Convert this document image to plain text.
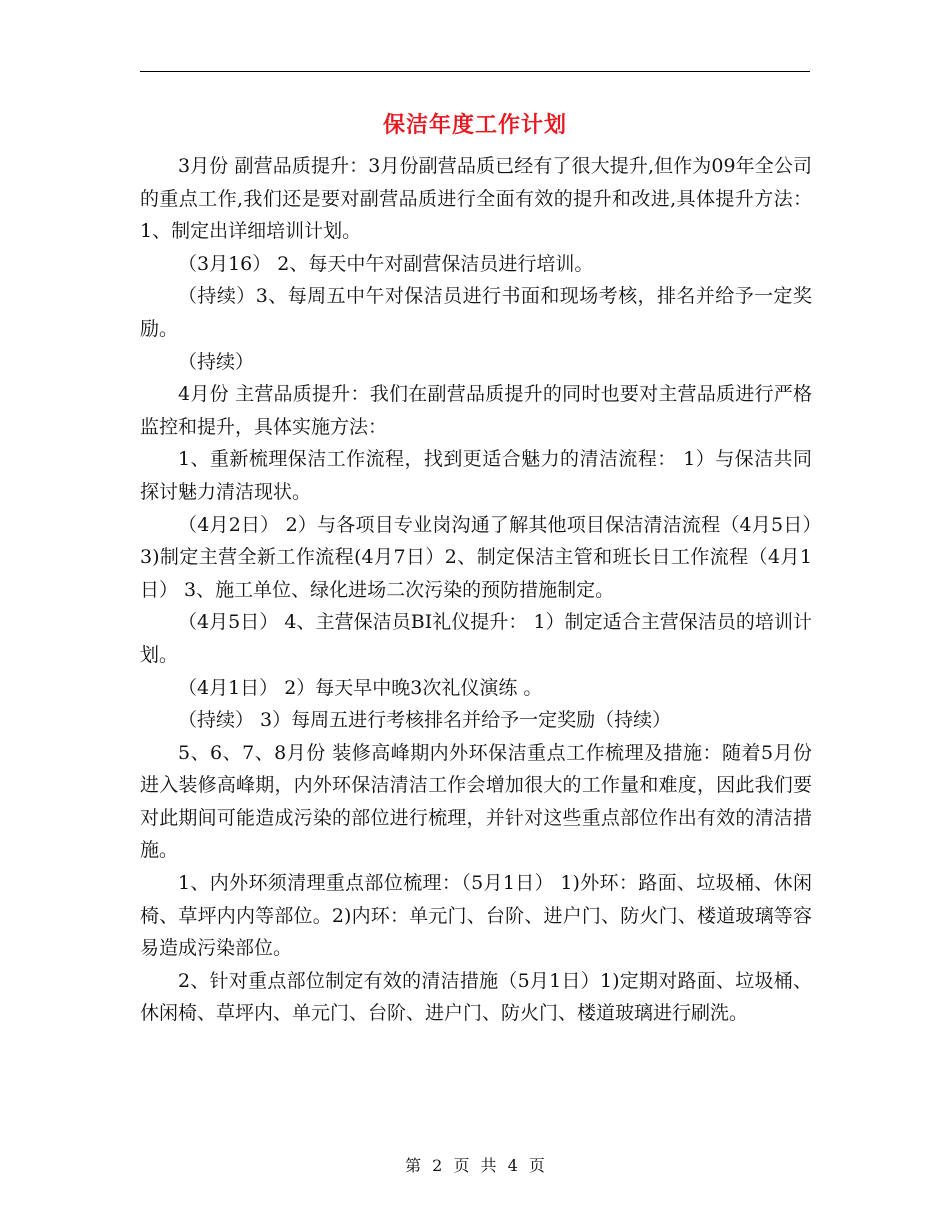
保洁年度工作计划

3月份 副营品质提升：3月份副营品质已经有了很大提升,但作为09年全公司的重点工作,我们还是要对副营品质进行全面有效的提升和改进,具体提升方法：1、制定出详细培训计划。

（3月16） 2、每天中午对副营保洁员进行培训。

（持续）3、每周五中午对保洁员进行书面和现场考核，排名并给予一定奖励。

（持续）

4月份 主营品质提升：我们在副营品质提升的同时也要对主营品质进行严格监控和提升，具体实施方法：

1、重新梳理保洁工作流程，找到更适合魅力的清洁流程： 1）与保洁共同探讨魅力清洁现状。

（4月2日） 2）与各项目专业岗沟通了解其他项目保洁清洁流程（4月5日）3)制定主营全新工作流程(4月7日）2、制定保洁主管和班长日工作流程（4月1日） 3、施工单位、绿化进场二次污染的预防措施制定。

（4月5日） 4、主营保洁员BI礼仪提升： 1）制定适合主营保洁员的培训计划。

（4月1日） 2）每天早中晚3次礼仪演练 。

（持续） 3）每周五进行考核排名并给予一定奖励（持续）

5、6、7、8月份 装修高峰期内外环保洁重点工作梳理及措施：随着5月份进入装修高峰期，内外环保洁清洁工作会增加很大的工作量和难度，因此我们要对此期间可能造成污染的部位进行梳理，并针对这些重点部位作出有效的清洁措施。

1、内外环须清理重点部位梳理：（5月1日） 1)外环：路面、垃圾桶、休闲椅、草坪内内等部位。2)内环：单元门、台阶、进户门、防火门、楼道玻璃等容易造成污染部位。

2、针对重点部位制定有效的清洁措施（5月1日）1)定期对路面、垃圾桶、休闲椅、草坪内、单元门、台阶、进户门、防火门、楼道玻璃进行刷洗。

第 2 页 共 4 页
